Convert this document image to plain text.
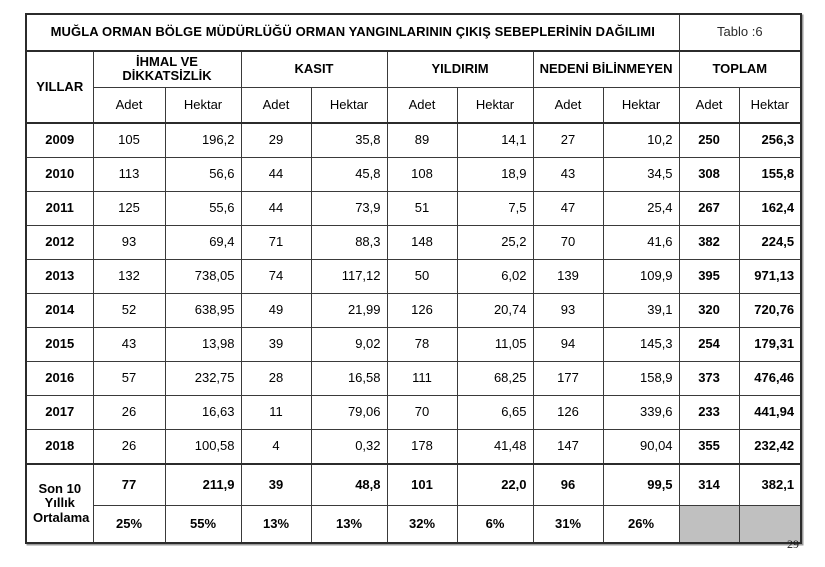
MUĞLA ORMAN BÖLGE MÜDÜRLÜĞÜ ORMAN YANGINLARININ ÇIKIŞ SEBEPLERİNİN DAĞILIMI									Tablo :6	
YILLAR	İHMAL VE DİKKATSİZLİK		KASIT		YILDIRIM		NEDENİ BİLİNMEYEN		TOPLAM	
	Adet	Hektar	Adet	Hektar	Adet	Hektar	Adet	Hektar	Adet	Hektar
2009	105	196,2	29	35,8	89	14,1	27	10,2	250	256,3
2010	113	56,6	44	45,8	108	18,9	43	34,5	308	155,8
2011	125	55,6	44	73,9	51	7,5	47	25,4	267	162,4
2012	93	69,4	71	88,3	148	25,2	70	41,6	382	224,5
2013	132	738,05	74	117,12	50	6,02	139	109,9	395	971,13
2014	52	638,95	49	21,99	126	20,74	93	39,1	320	720,76
2015	43	13,98	39	9,02	78	11,05	94	145,3	254	179,31
2016	57	232,75	28	16,58	111	68,25	177	158,9	373	476,46
2017	26	16,63	11	79,06	70	6,65	126	339,6	233	441,94
2018	26	100,58	4	0,32	178	41,48	147	90,04	355	232,42
Son 10 Yıllık Ortalama	77	211,9	39	48,8	101	22,0	96	99,5	314	382,1
	25%	55%	13%	13%	32%	6%	31%	26%		
29
